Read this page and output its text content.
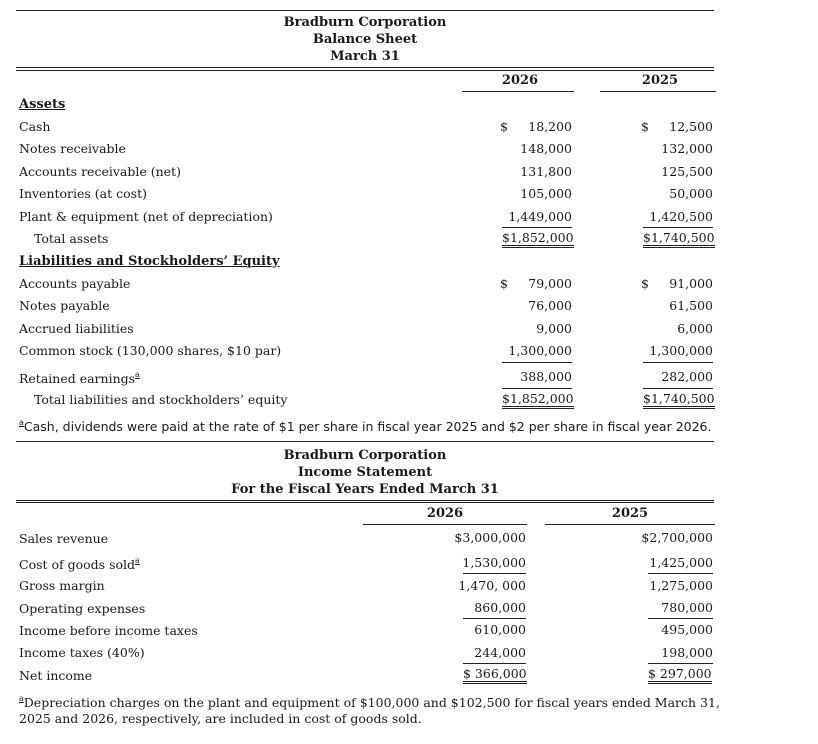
Bradburn Corporation
Balance Sheet
March 31
2026	2025
Assets
Cash	$	18,200	$	12,500
Notes receivable	148,000	132,000
Accounts receivable (net)	131,800	125,500
Inventories (at cost)	105,000	50,000
Plant & equipment (net of depreciation)	1,449,000	1,420,500
Total assets	$1,852,000	$1,740,500
Liabilities and Stockholders’ Equity
Accounts payable	$	79,000	$	91,000
Notes payable	76,000	61,500
Accrued liabilities	9,000	6,000
Common stock (130,000 shares, $10 par)	1,300,000	1,300,000
Retained earnings$^a$	388,000	282,000
Total liabilities and stockholders’ equity	$1,852,000	$1,740,500
$^a$Cash, dividends were paid at the rate of $1 per share in fiscal year 2025 and $2 per share in fiscal year 2026.
Bradburn Corporation
Income Statement
For the Fiscal Years Ended March 31
2026	2025
Sales revenue	$3,000,000	$2,700,000
Cost of goods sold$^a$	1,530,000	1,425,000
Gross margin	1,470, 000	1,275,000
Operating expenses	860,000	780,000
Income before income taxes	610,000	495,000
Income taxes (40%)	244,000	198,000
Net income	$ 366,000	$ 297,000
$^a$Depreciation charges on the plant and equipment of $100,000 and $102,500 for fiscal years ended March 31,
2025 and 2026, respectively, are included in cost of goods sold.
